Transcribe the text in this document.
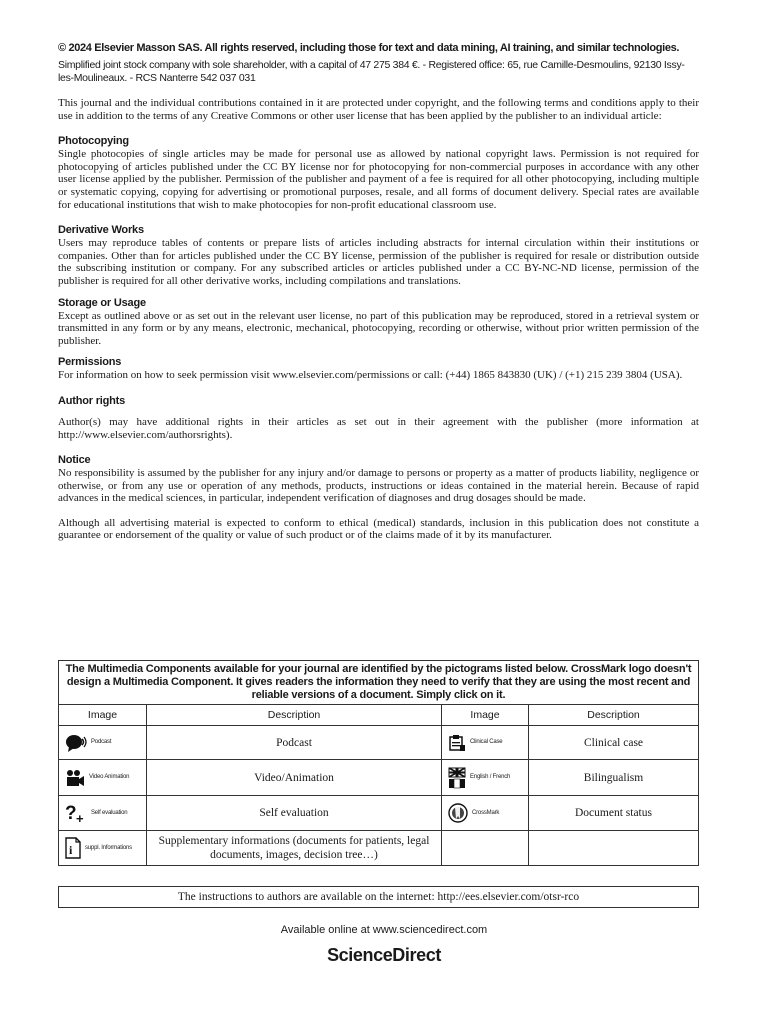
© 2024 Elsevier Masson SAS. All rights reserved, including those for text and data mining, AI training, and similar technologies.

Simplified joint stock company with sole shareholder, with a capital of 47 275 384 €. - Registered office: 65, rue Camille-Desmoulins, 92130 Issy-les-Moulineaux. - RCS Nanterre 542 037 031

This journal and the individual contributions contained in it are protected under copyright, and the following terms and conditions apply to their use in addition to the terms of any Creative Commons or other user license that has been applied by the publisher to an individual article:

Photocopying

Single photocopies of single articles may be made for personal use as allowed by national copyright laws. Permission is not required for photocopying of articles published under the CC BY license nor for photocopying for non-commercial purposes in accordance with any other user license applied by the publisher. Permission of the publisher and payment of a fee is required for all other photocopying, including multiple or systematic copying, copying for advertising or promotional purposes, resale, and all forms of document delivery. Special rates are available for educational institutions that wish to make photocopies for non-profit educational classroom use.

Derivative Works

Users may reproduce tables of contents or prepare lists of articles including abstracts for internal circulation within their institutions or companies. Other than for articles published under the CC BY license, permission of the publisher is required for resale or distribution outside the subscribing institution or company. For any subscribed articles or articles published under a CC BY-NC-ND license, permission of the publisher is required for all other derivative works, including compilations and translations.

Storage or Usage

Except as outlined above or as set out in the relevant user license, no part of this publication may be reproduced, stored in a retrieval system or transmitted in any form or by any means, electronic, mechanical, photocopying, recording or otherwise, without prior written permission of the publisher.

Permissions

For information on how to seek permission visit www.elsevier.com/permissions or call: (+44) 1865 843830 (UK) / (+1) 215 239 3804 (USA).

Author rights

Author(s) may have additional rights in their articles as set out in their agreement with the publisher (more information at http://www.elsevier.com/authorsrights).

Notice

No responsibility is assumed by the publisher for any injury and/or damage to persons or property as a matter of products liability, negligence or otherwise, or from any use or operation of any methods, products, instructions or ideas contained in the material herein. Because of rapid advances in the medical sciences, in particular, independent verification of diagnoses and drug dosages should be made.

Although all advertising material is expected to conform to ethical (medical) standards, inclusion in this publication does not constitute a guarantee or endorsement of the quality or value of such product or of the claims made of it by its manufacturer.

The Multimedia Components available for your journal are identified by the pictograms listed below. CrossMark logo doesn't design a Multimedia Component. It gives readers the information they need to verify that they are using the most recent and reliable versions of a document. Simply click on it.			
Image	Description	Image	Description

Podcast	Podcast	Clinical Case	Clinical case

Video Animation	Video/Animation	English / French	Bilingualism

? + Self evaluation	Self evaluation	CrossMark	Document status

i suppl. Informations	Supplementary informations (documents for patients, legal documents, images, decision tree…)		
The instructions to authors are available on the internet: http://ees.elsevier.com/otsr-rco
Available online at www.sciencedirect.com
ScienceDirect
